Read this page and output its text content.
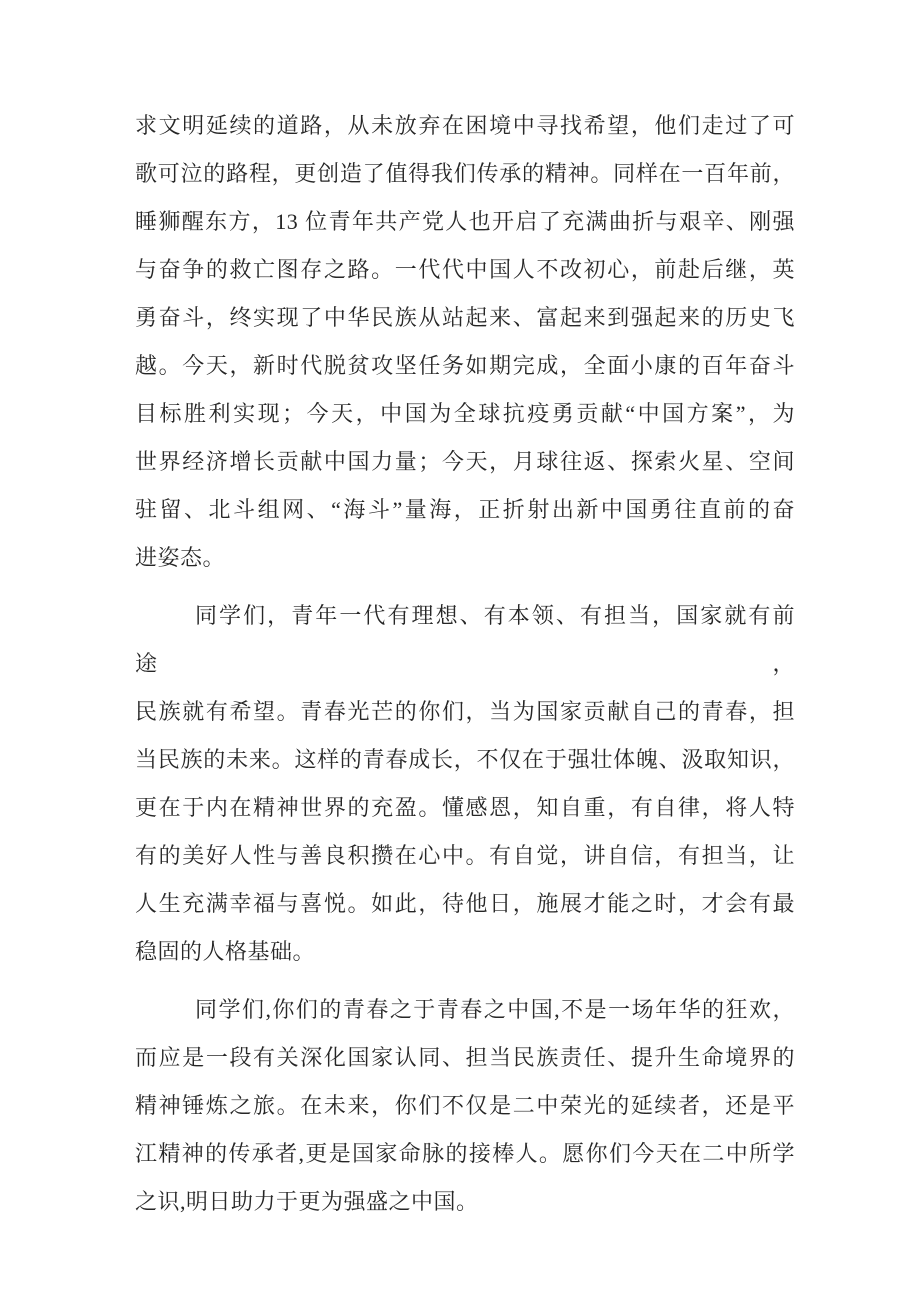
求文明延续的道路，从未放弃在困境中寻找希望，他们走过了可
歌可泣的路程，更创造了值得我们传承的精神。同样在一百年前，
睡狮醒东方，13 位青年共产党人也开启了充满曲折与艰辛、刚强
与奋争的救亡图存之路。一代代中国人不改初心，前赴后继，英
勇奋斗，终实现了中华民族从站起来、富起来到强起来的历史飞
越。今天，新时代脱贫攻坚任务如期完成，全面小康的百年奋斗
目标胜利实现；今天，中国为全球抗疫勇贡献“中国方案”，为
世界经济增长贡献中国力量；今天，月球往返、探索火星、空间
驻留、北斗组网、“海斗”量海，正折射出新中国勇往直前的奋
进姿态。
同学们，青年一代有理想、有本领、有担当，国家就有前途，
民族就有希望。青春光芒的你们，当为国家贡献自己的青春，担
当民族的未来。这样的青春成长，不仅在于强壮体魄、汲取知识，
更在于内在精神世界的充盈。懂感恩，知自重，有自律，将人特
有的美好人性与善良积攒在心中。有自觉，讲自信，有担当，让
人生充满幸福与喜悦。如此，待他日，施展才能之时，才会有最
稳固的人格基础。
同学们,你们的青春之于青春之中国,不是一场年华的狂欢，
而应是一段有关深化国家认同、担当民族责任、提升生命境界的
精神锤炼之旅。在未来，你们不仅是二中荣光的延续者，还是平
江精神的传承者,更是国家命脉的接棒人。愿你们今天在二中所学
之识,明日助力于更为强盛之中国。
